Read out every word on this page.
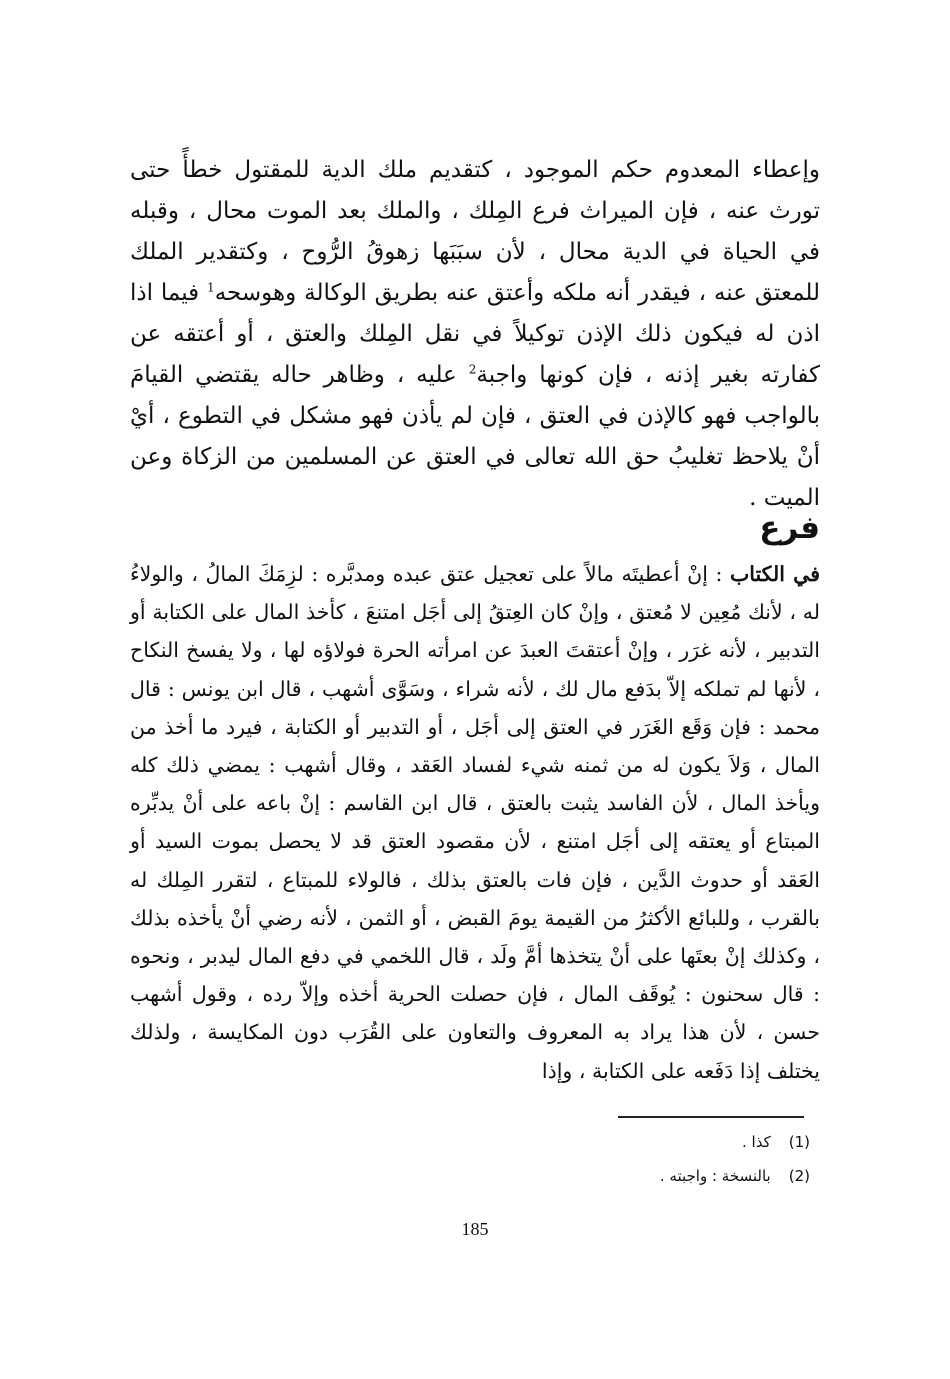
وإعطاء المعدوم حكم الموجود ، كتقديم ملك الدية للمقتول خطأً حتى تورث عنه ، فإن الميراث فرع المِلك ، والملك بعد الموت محال ، وقبله في الحياة في الدية محال ، لأن سبَبَها زهوقُ الرُّوح ، وكتقدير الملك للمعتق عنه ، فيقدر أنه ملكه وأعتق عنه بطريق الوكالة وهوسحه$^1$ فيما اذا اذن له فيكون ذلك الإذن توكيلاً في نقل المِلك والعتق ، أو أعتقه عن كفارته بغير إذنه ، فإن كونها واجبة$^2$ عليه ، وظاهر حاله يقتضي القيامَ بالواجب فهو كالإذن في العتق ، فإن لم يأذن فهو مشكل في التطوع ، أيْ أنْ يلاحظ تغليبُ حق الله تعالى في العتق عن المسلمين من الزكاة وعن الميت .

فرع

في الكتاب : إنْ أعطيتَه مالاً على تعجيل عتق عبده ومدبَّره : لزِمَكَ المالُ ، والولاءُ له ، لأنك مُعِين لا مُعتق ، وإنْ كان العِتقُ إلى أجَل امتنعَ ، كأخذ المال على الكتابة أو التدبير ، لأنه غرَر ، وإنْ أعتقتَ العبدَ عن امرأته الحرة فولاؤه لها ، ولا يفسخ النكاح ، لأنها لم تملكه إلاّ بدَفع مال لك ، لأنه شراء ، وسَوَّى أشهب ، قال ابن يونس : قال محمد : فإن وَقَع الغَرَر في العتق إلى أجَل ، أو التدبير أو الكتابة ، فيرد ما أخذ من المال ، وَلاَ يكون له من ثمنه شيء لفساد العَقد ، وقال أشهب : يمضي ذلك كله ويأخذ المال ، لأن الفاسد يثبت بالعتق ، قال ابن القاسم : إنْ باعه على أنْ يدبِّره المبتاع أو يعتقه إلى أجَل امتنع ، لأن مقصود العتق قد لا يحصل بموت السيد أو العَقد أو حدوث الدَّين ، فإن فات بالعتق بذلك ، فالولاء للمبتاع ، لتقرر المِلك له بالقرب ، وللبائع الأكثرُ من القيمة يومَ القبض ، أو الثمن ، لأنه رضي أنْ يأخذه بذلك ، وكذلك إنْ بعتَها على أنْ يتخذها أمَّ ولَد ، قال اللخمي في دفع المال ليدبر ، ونحوه : قال سحنون : يُوقَف المال ، فإن حصلت الحرية أخذه وإلاّ رده ، وقول أشهب حسن ، لأن هذا يراد به المعروف والتعاون على القُرَب دون المكايسة ، ولذلك يختلف إذا دَفَعه على الكتابة ، وإذا

(1)كذا .
(2)بالنسخة : واجبته .
185
